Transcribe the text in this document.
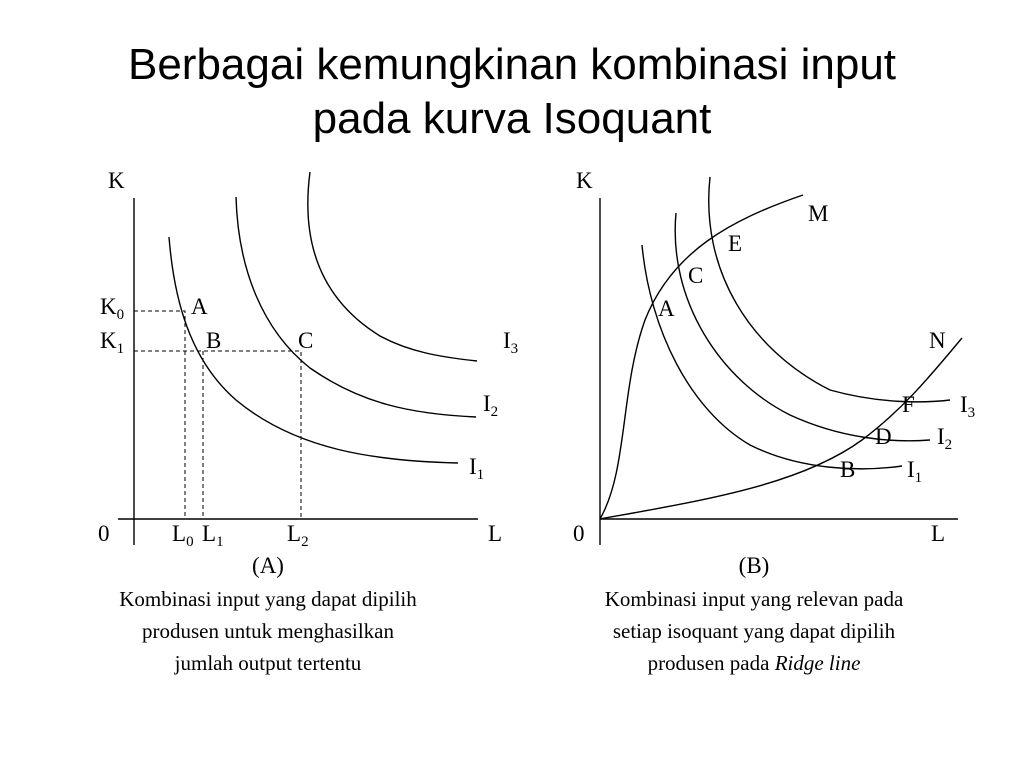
Berbagai kemungkinan kombinasi input
pada kurva Isoquant
K
L
0
$K_0$
$K_1$
$L_0$ $L_1$	$L_2$
A
B	C	$I_3$
$I_2$
$I_1$
(A)
Kombinasi input yang dapat dipilih
produsen untuk menghasilkan
jumlah output tertentu
K
L
0
M
N
E
C
A
F
D
B
$I_3$
$I_2$
$I_1$
(B)
Kombinasi input yang relevan pada
setiap isoquant yang dapat dipilih
produsen pada Ridge line
